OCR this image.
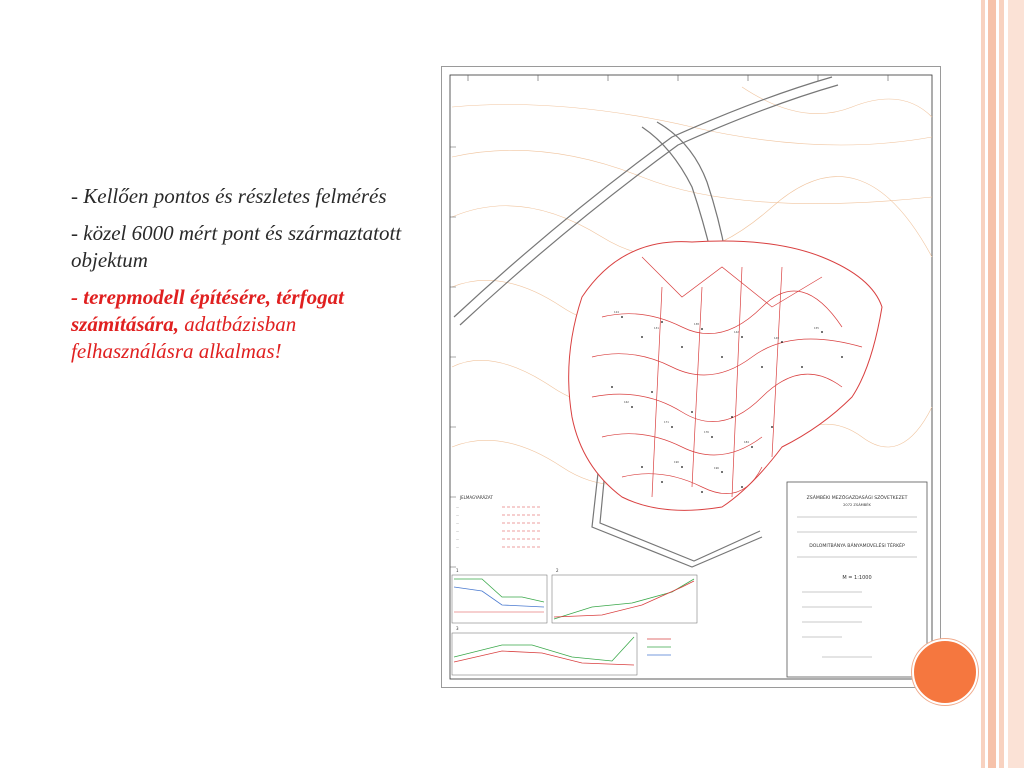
- Kellően pontos és részletes felmérés
- közel 6000 mért pont és származtatott objektum
- terepmodell építésére, térfogat számítására, adatbázisban felhasználásra alkalmas!
124
131
138
142
149
155
162
171
176
184
190
196
JELMAGYARÁZAT
—
—
—
—
—
—
ZSÁMBÉKI MEZŐGAZDASÁGI SZÖVETKEZET
2072 ZSÁMBÉK
DOLOMITBÁNYA BÁNYAMŰVELÉSI TÉRKÉP
M = 1:1000
1	2
3
